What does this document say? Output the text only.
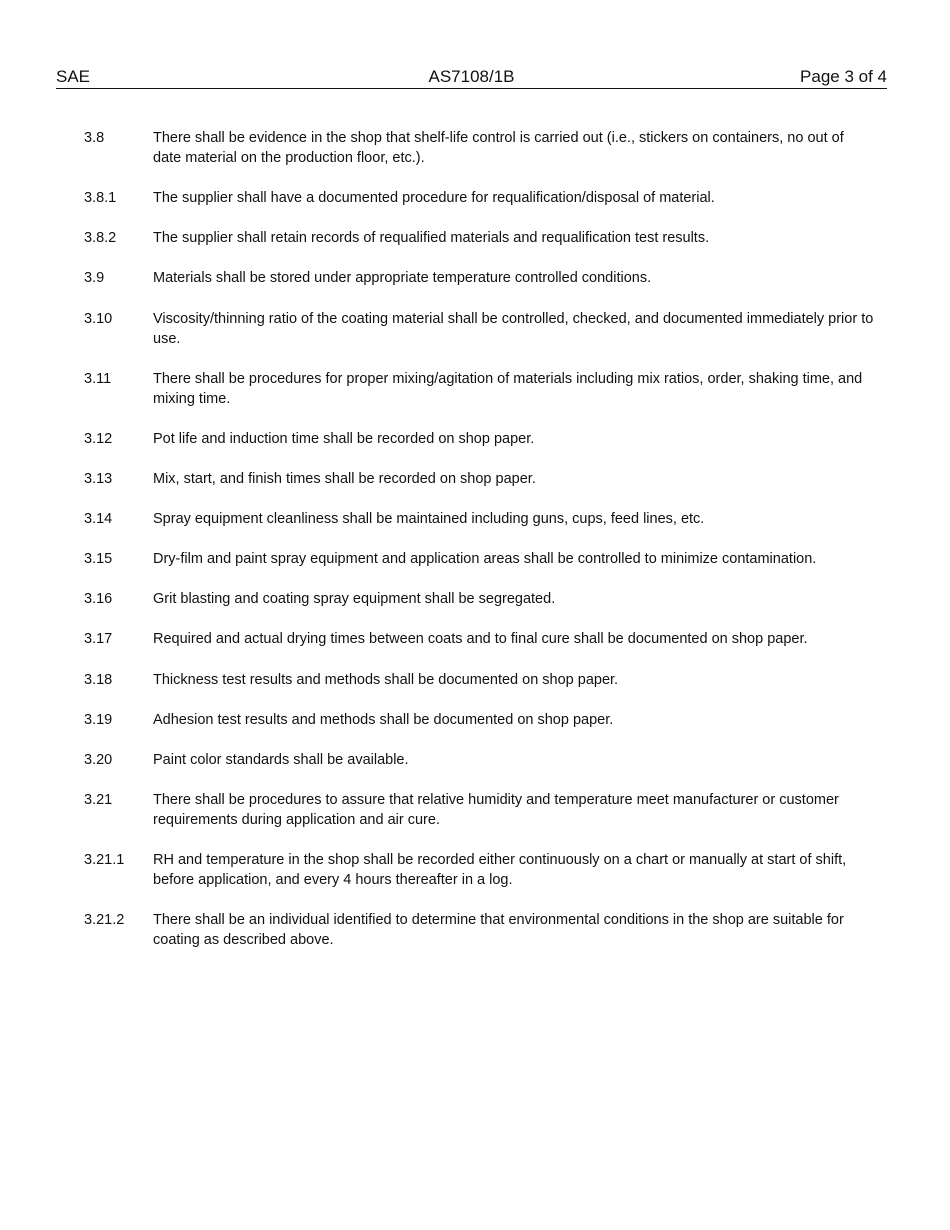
SAE	AS7108/1B	Page 3 of 4
3.8	There shall be evidence in the shop that shelf-life control is carried out (i.e., stickers on containers, no out of date material on the production floor, etc.).
3.8.1	The supplier shall have a documented procedure for requalification/disposal of material.
3.8.2	The supplier shall retain records of requalified materials and requalification test results.
3.9	Materials shall be stored under appropriate temperature controlled conditions.
3.10	Viscosity/thinning ratio of the coating material shall be controlled, checked, and documented immediately prior to use.
3.11	There shall be procedures for proper mixing/agitation of materials including mix ratios, order, shaking time, and mixing time.
3.12	Pot life and induction time shall be recorded on shop paper.
3.13	Mix, start, and finish times shall be recorded on shop paper.
3.14	Spray equipment cleanliness shall be maintained including guns, cups, feed lines, etc.
3.15	Dry-film and paint spray equipment and application areas shall be controlled to minimize contamination.
3.16	Grit blasting and coating spray equipment shall be segregated.
3.17	Required and actual drying times between coats and to final cure shall be documented on shop paper.
3.18	Thickness test results and methods shall be documented on shop paper.
3.19	Adhesion test results and methods shall be documented on shop paper.
3.20	Paint color standards shall be available.
3.21	There shall be procedures to assure that relative humidity and temperature meet manufacturer or customer requirements during application and air cure.
3.21.1	RH and temperature in the shop shall be recorded either continuously on a chart or manually at start of shift, before application, and every 4 hours thereafter in a log.
3.21.2	There shall be an individual identified to determine that environmental conditions in the shop are suitable for coating as described above.
